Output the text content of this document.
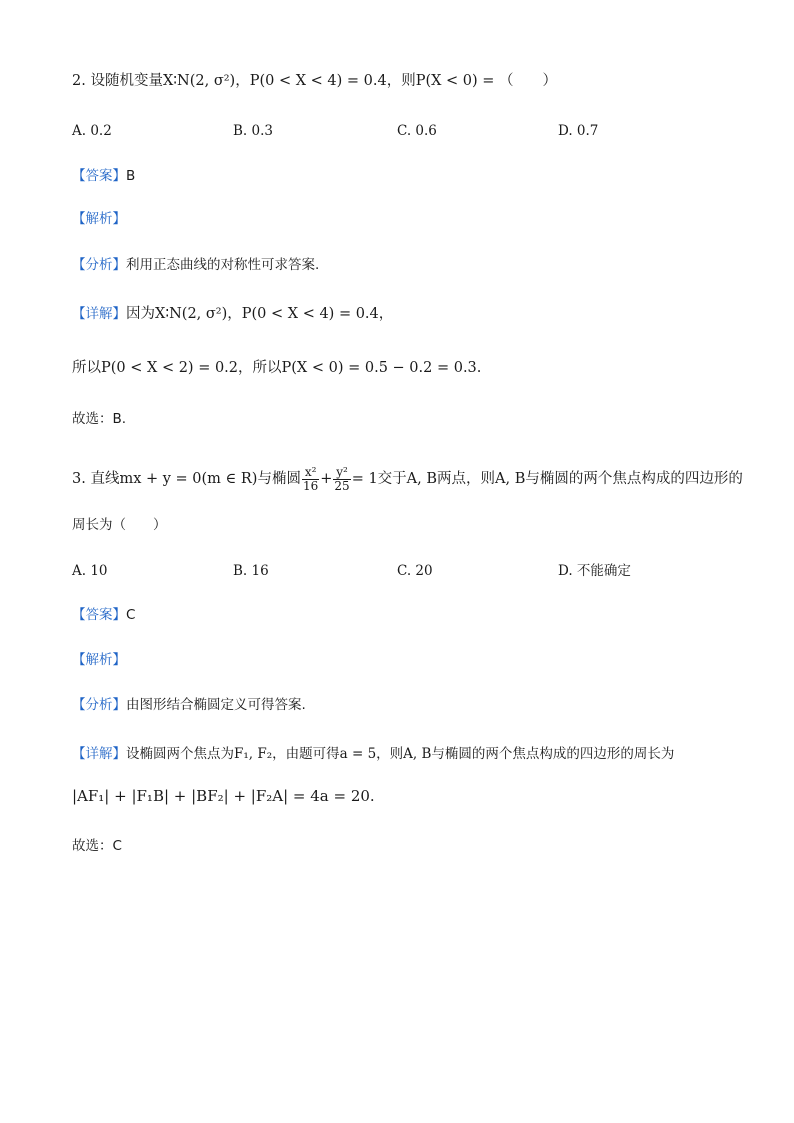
2. 设随机变量X∶N(2, σ²)，P(0 < X < 4) = 0.4，则P(X < 0) = （　　）
A. 0.2	B. 0.3	C. 0.6	D. 0.7
【答案】B
【解析】
【分析】利用正态曲线的对称性可求答案.
【详解】因为X∶N(2, σ²)，P(0 < X < 4) = 0.4，
所以P(0 < X < 2) = 0.2，所以P(X < 0) = 0.5 − 0.2 = 0.3.
故选：B.
3. 直线mx + y = 0(m ∈ R)与椭圆 $\frac{\text{x²}}{16} + \frac{\text{y²}}{25} = 1$交于A, B两点，则A, B与椭圆的两个焦点构成的四边形的
周长为（　　）
A. 10	B. 16	C. 20	D. 不能确定
【答案】C
【解析】
【分析】由图形结合椭圆定义可得答案.
【详解】设椭圆两个焦点为F₁, F₂，由题可得a = 5，则A, B与椭圆的两个焦点构成的四边形的周长为
|AF₁| + |F₁B| + |BF₂| + |F₂A| = 4a = 20.
故选：C
